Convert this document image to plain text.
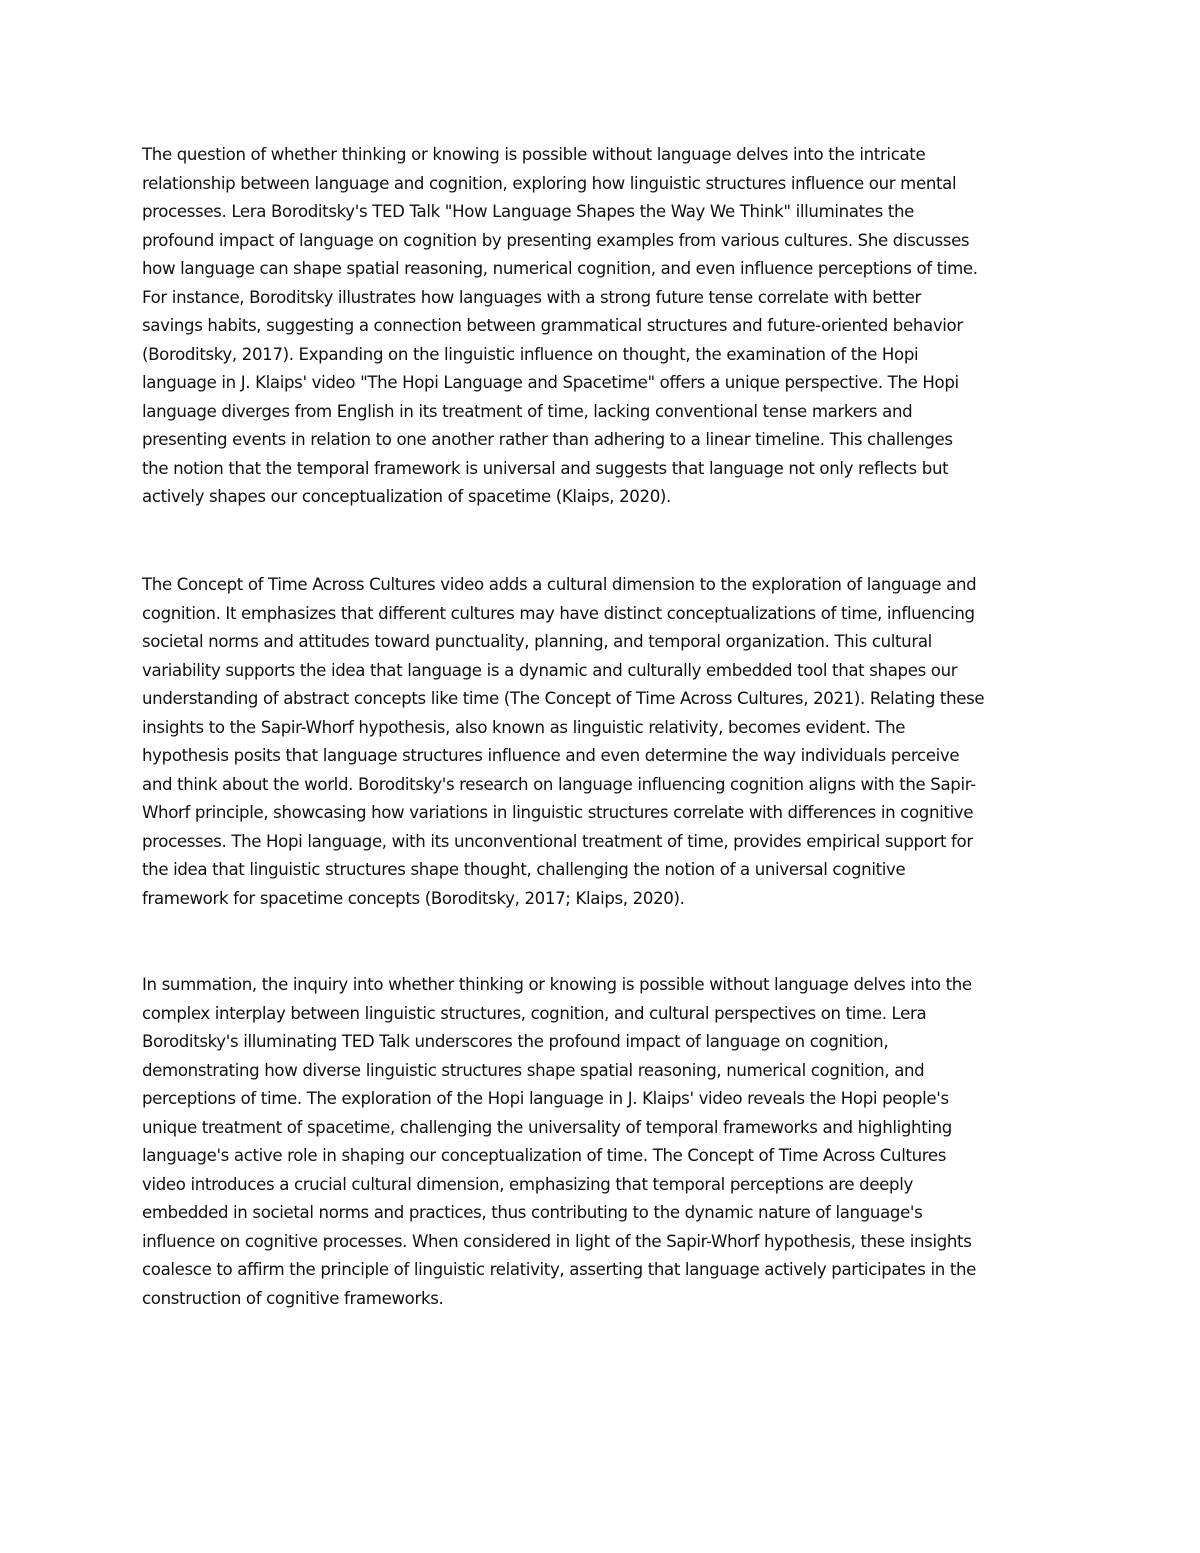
The question of whether thinking or knowing is possible without language delves into the intricate
relationship between language and cognition, exploring how linguistic structures influence our mental
processes. Lera Boroditsky's TED Talk "How Language Shapes the Way We Think" illuminates the
profound impact of language on cognition by presenting examples from various cultures. She discusses
how language can shape spatial reasoning, numerical cognition, and even influence perceptions of time.
For instance, Boroditsky illustrates how languages with a strong future tense correlate with better
savings habits, suggesting a connection between grammatical structures and future-oriented behavior
(Boroditsky, 2017). Expanding on the linguistic influence on thought, the examination of the Hopi
language in J. Klaips' video "The Hopi Language and Spacetime" offers a unique perspective. The Hopi
language diverges from English in its treatment of time, lacking conventional tense markers and
presenting events in relation to one another rather than adhering to a linear timeline. This challenges
the notion that the temporal framework is universal and suggests that language not only reflects but
actively shapes our conceptualization of spacetime (Klaips, 2020).
The Concept of Time Across Cultures video adds a cultural dimension to the exploration of language and
cognition. It emphasizes that different cultures may have distinct conceptualizations of time, influencing
societal norms and attitudes toward punctuality, planning, and temporal organization. This cultural
variability supports the idea that language is a dynamic and culturally embedded tool that shapes our
understanding of abstract concepts like time (The Concept of Time Across Cultures, 2021). Relating these
insights to the Sapir-Whorf hypothesis, also known as linguistic relativity, becomes evident. The
hypothesis posits that language structures influence and even determine the way individuals perceive
and think about the world. Boroditsky's research on language influencing cognition aligns with the Sapir-
Whorf principle, showcasing how variations in linguistic structures correlate with differences in cognitive
processes. The Hopi language, with its unconventional treatment of time, provides empirical support for
the idea that linguistic structures shape thought, challenging the notion of a universal cognitive
framework for spacetime concepts (Boroditsky, 2017; Klaips, 2020).
In summation, the inquiry into whether thinking or knowing is possible without language delves into the
complex interplay between linguistic structures, cognition, and cultural perspectives on time. Lera
Boroditsky's illuminating TED Talk underscores the profound impact of language on cognition,
demonstrating how diverse linguistic structures shape spatial reasoning, numerical cognition, and
perceptions of time. The exploration of the Hopi language in J. Klaips' video reveals the Hopi people's
unique treatment of spacetime, challenging the universality of temporal frameworks and highlighting
language's active role in shaping our conceptualization of time. The Concept of Time Across Cultures
video introduces a crucial cultural dimension, emphasizing that temporal perceptions are deeply
embedded in societal norms and practices, thus contributing to the dynamic nature of language's
influence on cognitive processes. When considered in light of the Sapir-Whorf hypothesis, these insights
coalesce to affirm the principle of linguistic relativity, asserting that language actively participates in the
construction of cognitive frameworks.
